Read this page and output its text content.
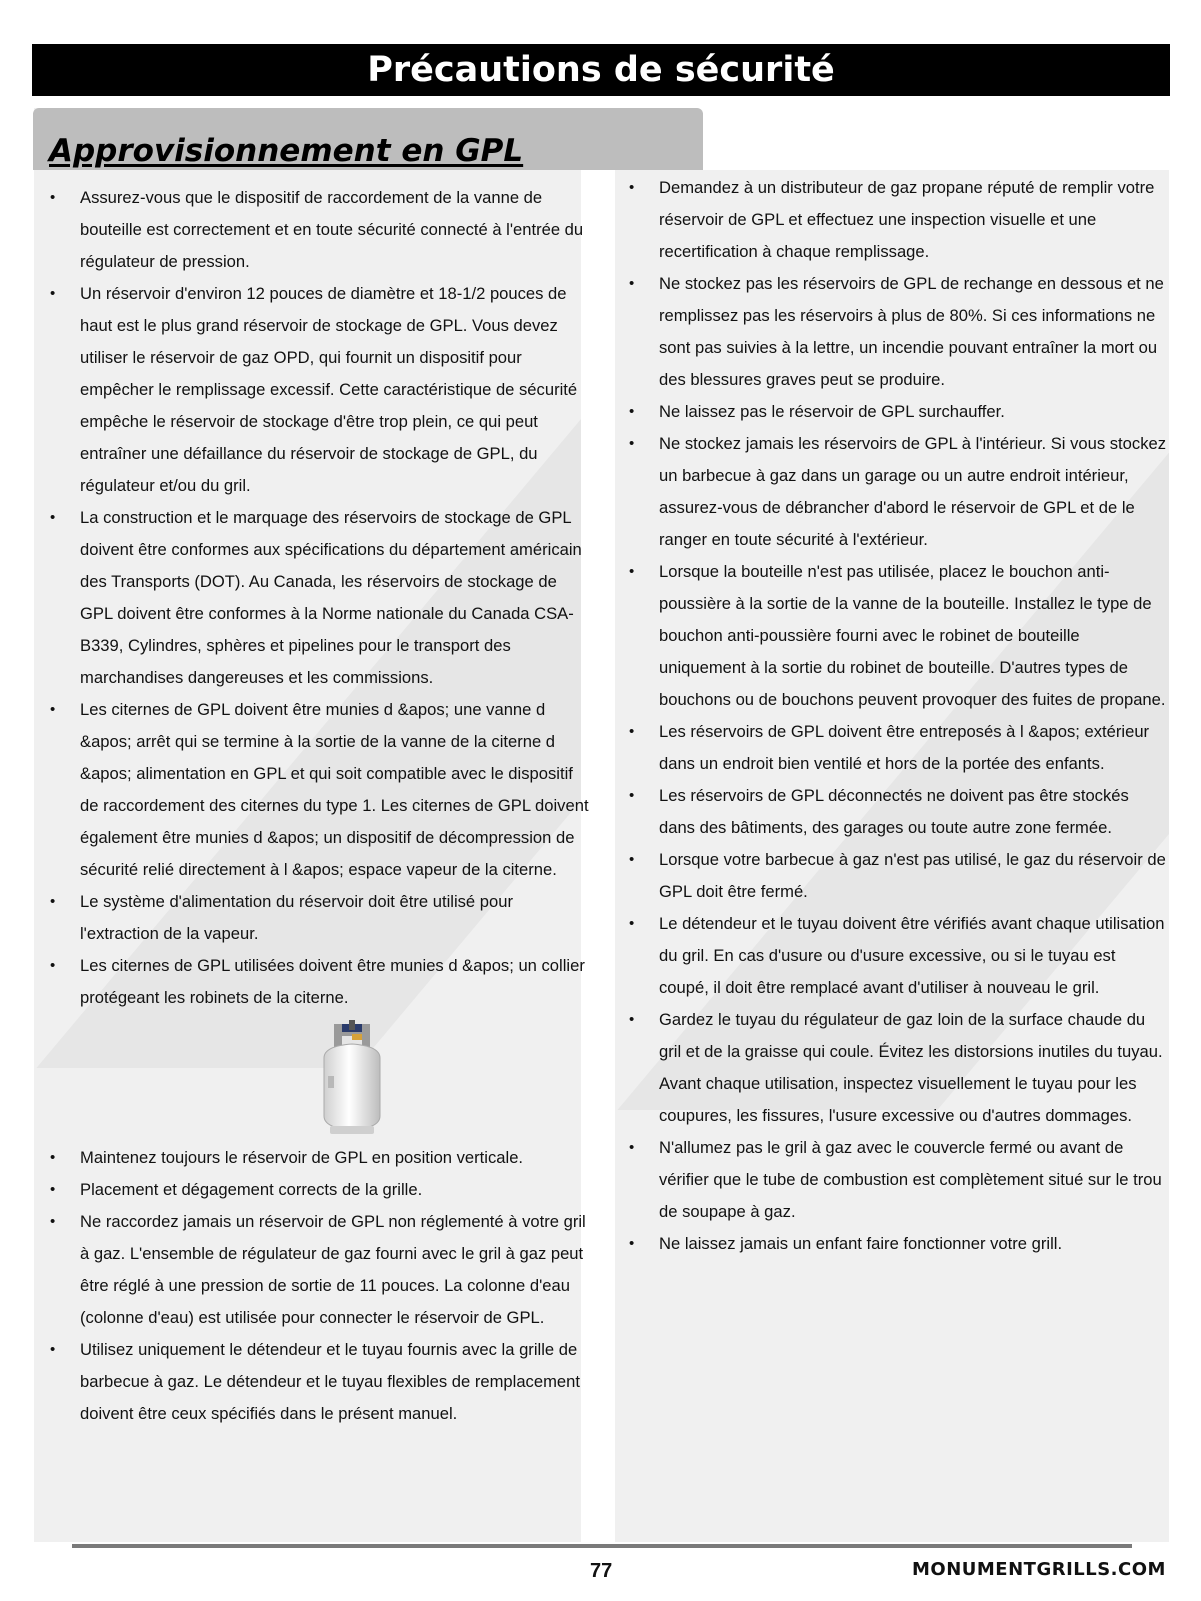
Précautions de sécurité
Approvisionnement en GPL
• Assurez-vous que le dispositif de raccordement de la vanne de bouteille est correctement et en toute sécurité connecté à l'entrée du régulateur de pression.
• Un réservoir d'environ 12 pouces de diamètre et 18-1/2 pouces de haut est le plus grand réservoir de stockage de GPL. Vous devez utiliser le réservoir de gaz OPD, qui fournit un dispositif pour empêcher le remplissage excessif. Cette caractéristique de sécurité empêche le réservoir de stockage d'être trop plein, ce qui peut entraîner une défaillance du réservoir de stockage de GPL, du régulateur et/ou du gril.
• La construction et le marquage des réservoirs de stockage de GPL doivent être conformes aux spécifications du département américain des Transports (DOT). Au Canada, les réservoirs de stockage de GPL doivent être conformes à la Norme nationale du Canada CSA-B339, Cylindres, sphères et pipelines pour le transport des marchandises dangereuses et les commissions.
• Les citernes de GPL doivent être munies d &apos; une vanne d &apos; arrêt qui se termine à la sortie de la vanne de la citerne d &apos; alimentation en GPL et qui soit compatible avec le dispositif de raccordement des citernes du type 1. Les citernes de GPL doivent également être munies d &apos; un dispositif de décompression de sécurité relié directement à l &apos; espace vapeur de la citerne.
• Le système d'alimentation du réservoir doit être utilisé pour l'extraction de la vapeur.
• Les citernes de GPL utilisées doivent être munies d &apos; un collier protégeant les robinets de la citerne.
• Maintenez toujours le réservoir de GPL en position verticale.
• Placement et dégagement corrects de la grille.
• Ne raccordez jamais un réservoir de GPL non réglementé à votre gril à gaz. L'ensemble de régulateur de gaz fourni avec le gril à gaz peut être réglé à une pression de sortie de 11 pouces. La colonne d'eau (colonne d'eau) est utilisée pour connecter le réservoir de GPL.
• Utilisez uniquement le détendeur et le tuyau fournis avec la grille de barbecue à gaz. Le détendeur et le tuyau flexibles de remplacement doivent être ceux spécifiés dans le présent manuel.
• Demandez à un distributeur de gaz propane réputé de remplir votre réservoir de GPL et effectuez une inspection visuelle et une recertification à chaque remplissage.
• Ne stockez pas les réservoirs de GPL de rechange en dessous et ne remplissez pas les réservoirs à plus de 80%. Si ces informations ne sont pas suivies à la lettre, un incendie pouvant entraîner la mort ou des blessures graves peut se produire.
• Ne laissez pas le réservoir de GPL surchauffer.
• Ne stockez jamais les réservoirs de GPL à l'intérieur. Si vous stockez un barbecue à gaz dans un garage ou un autre endroit intérieur, assurez-vous de débrancher d'abord le réservoir de GPL et de le ranger en toute sécurité à l'extérieur.
• Lorsque la bouteille n'est pas utilisée, placez le bouchon anti-poussière à la sortie de la vanne de la bouteille. Installez le type de bouchon anti-poussière fourni avec le robinet de bouteille uniquement à la sortie du robinet de bouteille. D'autres types de bouchons ou de bouchons peuvent provoquer des fuites de propane.
• Les réservoirs de GPL doivent être entreposés à l &apos; extérieur dans un endroit bien ventilé et hors de la portée des enfants.
• Les réservoirs de GPL déconnectés ne doivent pas être stockés dans des bâtiments, des garages ou toute autre zone fermée.
• Lorsque votre barbecue à gaz n'est pas utilisé, le gaz du réservoir de GPL doit être fermé.
• Le détendeur et le tuyau doivent être vérifiés avant chaque utilisation du gril. En cas d'usure ou d'usure excessive, ou si le tuyau est coupé, il doit être remplacé avant d'utiliser à nouveau le gril.
• Gardez le tuyau du régulateur de gaz loin de la surface chaude du gril et de la graisse qui coule. Évitez les distorsions inutiles du tuyau. Avant chaque utilisation, inspectez visuellement le tuyau pour les coupures, les fissures, l'usure excessive ou d'autres dommages.
• N'allumez pas le gril à gaz avec le couvercle fermé ou avant de vérifier que le tube de combustion est complètement situé sur le trou de soupape à gaz.
• Ne laissez jamais un enfant faire fonctionner votre grill.
77	MONUMENTGRILLS.COM
